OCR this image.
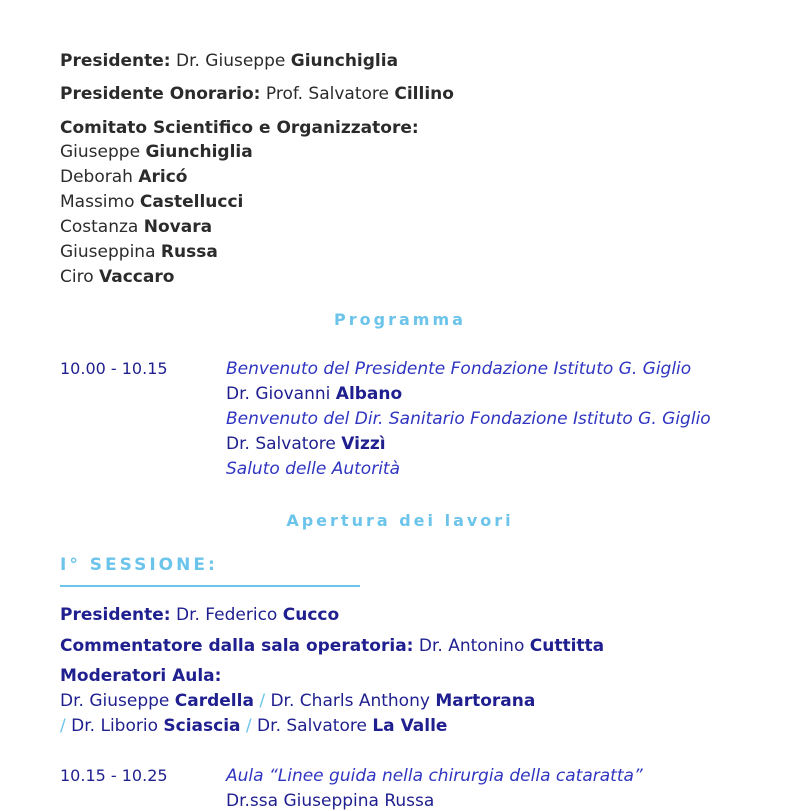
Presidente: Dr. Giuseppe Giunchiglia
Presidente Onorario: Prof. Salvatore Cillino
Comitato Scientifico e Organizzatore:
Giuseppe Giunchiglia
Deborah Aricó
Massimo Castellucci
Costanza Novara
Giuseppina Russa
Ciro Vaccaro
Programma
10.00 - 10.15	Benvenuto del Presidente Fondazione Istituto G. Giglio
Dr. Giovanni Albano
Benvenuto del Dir. Sanitario Fondazione Istituto G. Giglio
Dr. Salvatore Vizzì
Saluto delle Autorità
Apertura dei lavori
I° SESSIONE:
Presidente: Dr. Federico Cucco
Commentatore dalla sala operatoria: Dr. Antonino Cuttitta
Moderatori Aula:
Dr. Giuseppe Cardella / Dr. Charls Anthony Martorana
/ Dr. Liborio Sciascia / Dr. Salvatore La Valle
10.15 - 10.25	Aula “Linee guida nella chirurgia della cataratta”
Dr.ssa Giuseppina Russa
